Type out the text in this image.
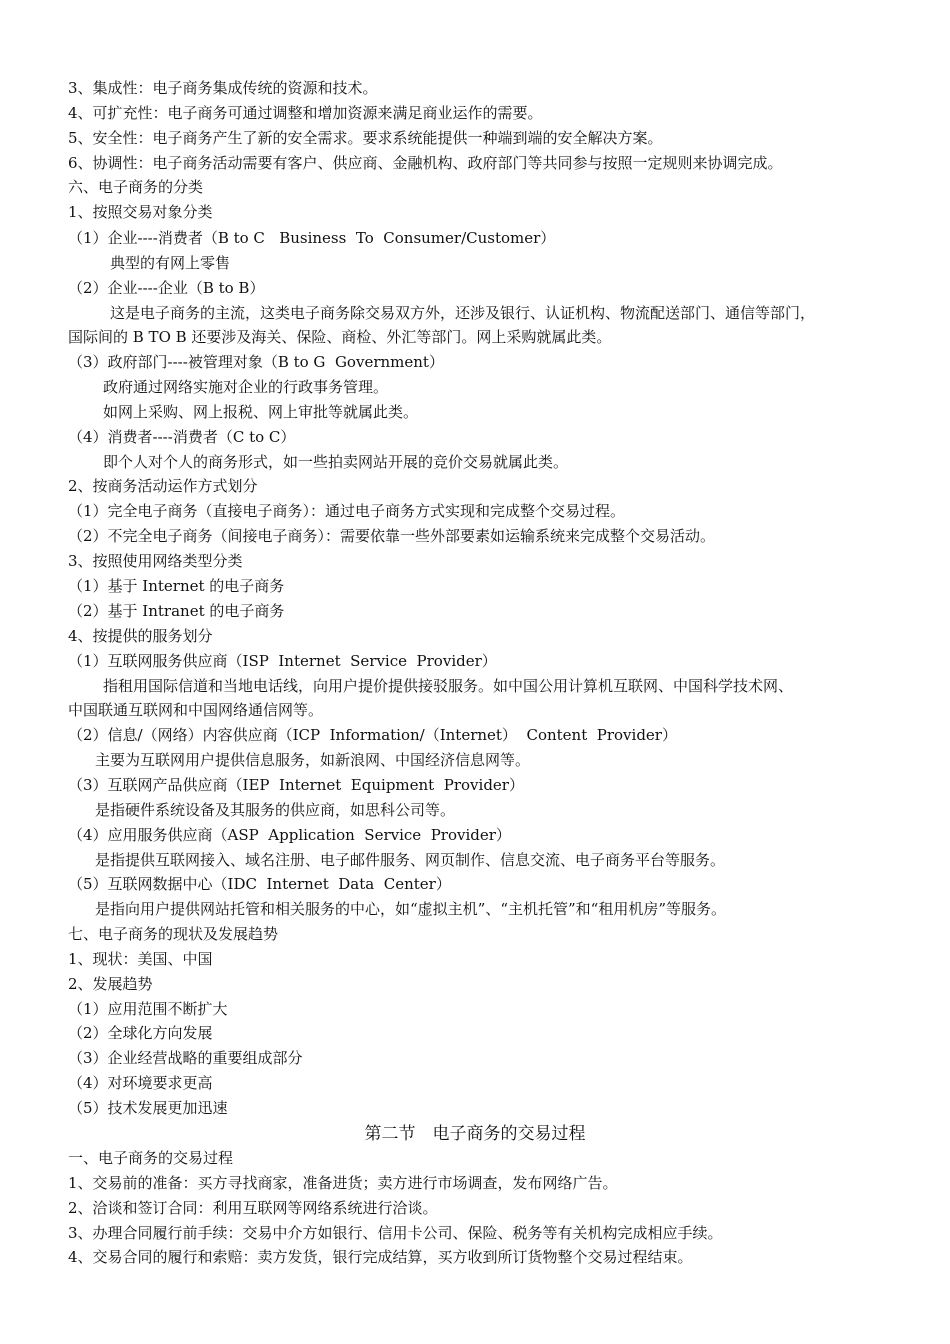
3、集成性：电子商务集成传统的资源和技术。
4、可扩充性：电子商务可通过调整和增加资源来满足商业运作的需要。
5、安全性：电子商务产生了新的安全需求。要求系统能提供一种端到端的安全解决方案。
6、协调性：电子商务活动需要有客户、供应商、金融机构、政府部门等共同参与按照一定规则来协调完成。
六、电子商务的分类
1、按照交易对象分类
（1）企业----消费者（B to C   Business  To  Consumer/Customer）
典型的有网上零售
（2）企业----企业（B to B）
这是电子商务的主流，这类电子商务除交易双方外，还涉及银行、认证机构、物流配送部门、通信等部门，
国际间的 B TO B 还要涉及海关、保险、商检、外汇等部门。网上采购就属此类。
（3）政府部门----被管理对象（B to G  Government）
政府通过网络实施对企业的行政事务管理。
如网上采购、网上报税、网上审批等就属此类。
（4）消费者----消费者（C to C）
即个人对个人的商务形式，如一些拍卖网站开展的竞价交易就属此类。
2、按商务活动运作方式划分
（1）完全电子商务（直接电子商务）：通过电子商务方式实现和完成整个交易过程。
（2）不完全电子商务（间接电子商务）：需要依靠一些外部要素如运输系统来完成整个交易活动。
3、按照使用网络类型分类
（1）基于 Internet 的电子商务
（2）基于 Intranet 的电子商务
4、按提供的服务划分
（1）互联网服务供应商（ISP  Internet  Service  Provider）
指租用国际信道和当地电话线，向用户提价提供接驳服务。如中国公用计算机互联网、中国科学技术网、
中国联通互联网和中国网络通信网等。
（2）信息/（网络）内容供应商（ICP  Information/（Internet）  Content  Provider）
主要为互联网用户提供信息服务，如新浪网、中国经济信息网等。
（3）互联网产品供应商（IEP  Internet  Equipment  Provider）
是指硬件系统设备及其服务的供应商，如思科公司等。
（4）应用服务供应商（ASP  Application  Service  Provider）
是指提供互联网接入、域名注册、电子邮件服务、网页制作、信息交流、电子商务平台等服务。
（5）互联网数据中心（IDC  Internet  Data  Center）
是指向用户提供网站托管和相关服务的中心，如“虚拟主机”、“主机托管”和“租用机房”等服务。
七、电子商务的现状及发展趋势
1、现状：美国、中国
2、发展趋势
（1）应用范围不断扩大
（2）全球化方向发展
（3）企业经营战略的重要组成部分
（4）对环境要求更高
（5）技术发展更加迅速
第二节　电子商务的交易过程
一、电子商务的交易过程
1、交易前的准备：买方寻找商家，准备进货；卖方进行市场调查，发布网络广告。
2、洽谈和签订合同：利用互联网等网络系统进行洽谈。
3、办理合同履行前手续：交易中介方如银行、信用卡公司、保险、税务等有关机构完成相应手续。
4、交易合同的履行和索赔：卖方发货，银行完成结算，买方收到所订货物整个交易过程结束。
